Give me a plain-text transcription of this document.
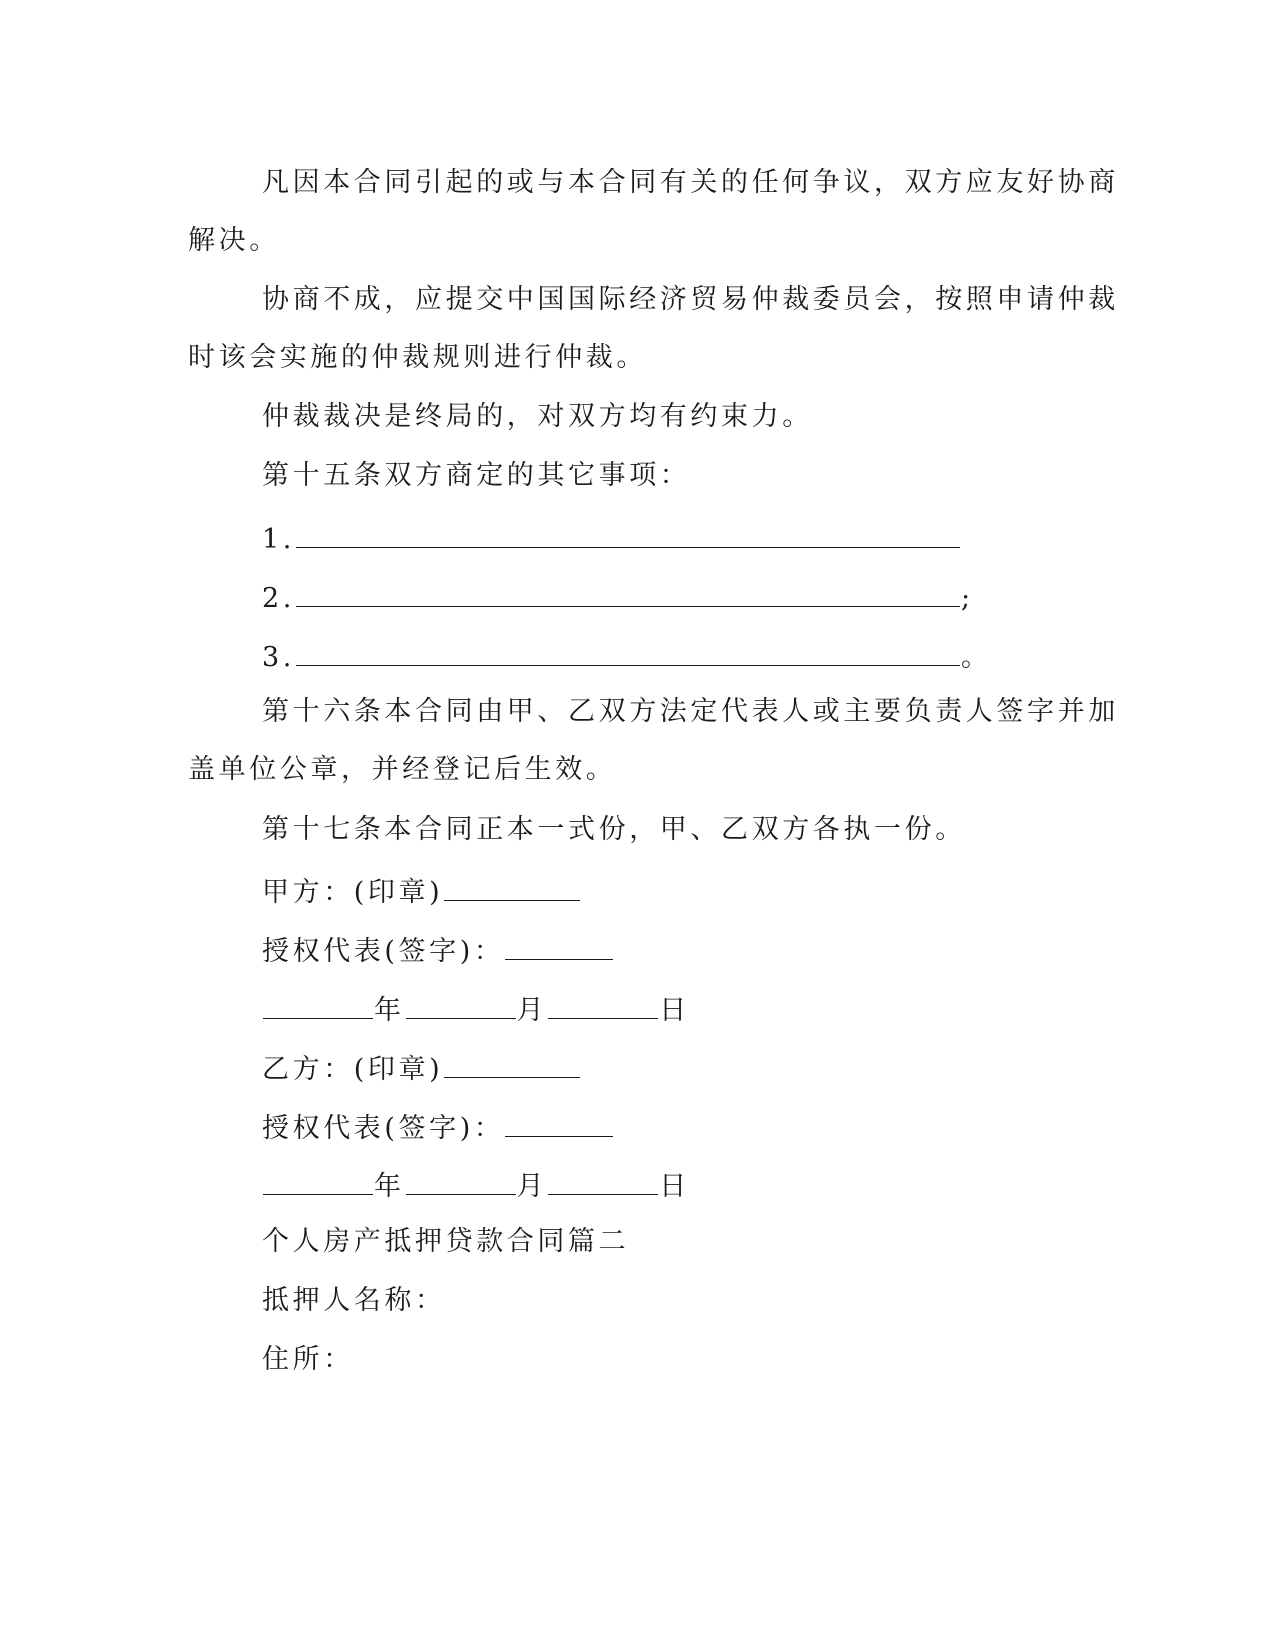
凡因本合同引起的或与本合同有关的任何争议，双方应友好协商
解决。
协商不成，应提交中国国际经济贸易仲裁委员会，按照申请仲裁
时该会实施的仲裁规则进行仲裁。
仲裁裁决是终局的，对双方均有约束力。
第十五条双方商定的其它事项：
1.
2.	;
3.	。
第十六条本合同由甲、乙双方法定代表人或主要负责人签字并加
盖单位公章，并经登记后生效。
第十七条本合同正本一式份，甲、乙双方各执一份。
甲方：(印章)
授权代表(签字)：
年	月	日
乙方：(印章)
授权代表(签字)：
年	月	日
个人房产抵押贷款合同篇二
抵押人名称：
住所：
